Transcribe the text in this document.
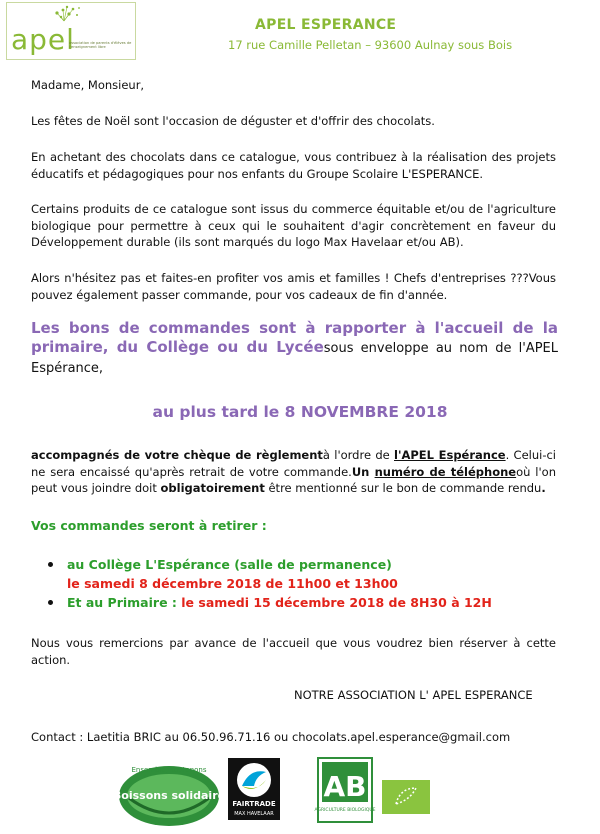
apel
association de parents d'élèves de l'enseignement libre
APEL ESPERANCE
17 rue Camille Pelletan – 93600 Aulnay sous Bois
Madame, Monsieur,
Les fêtes de Noël sont l'occasion de déguster et d'offrir des chocolats.
En achetant des chocolats dans ce catalogue, vous contribuez à la réalisation des projets éducatifs et pédagogiques pour nos enfants du Groupe Scolaire L'ESPERANCE.
Certains produits de ce catalogue sont issus du commerce équitable et/ou de l'agriculture biologique pour permettre à ceux qui le souhaitent d'agir concrètement en faveur du Développement durable (ils sont marqués du logo Max Havelaar et/ou AB).
Alors n'hésitez pas et faites-en profiter vos amis et familles ! Chefs d'entreprises ???Vous pouvez également passer commande, pour vos cadeaux de fin d'année.
Les bons de commandes sont à rapporter à l'accueil de la primaire, du Collège ou du Lycéesous enveloppe au nom de l'APEL Espérance,
au plus tard le 8 NOVEMBRE 2018
accompagnés de votre chèque de règlementà l'ordre de l'APEL Espérance. Celui-ci ne sera encaissé qu'après retrait de votre commande.Un numéro de téléphoneoù l'on peut vous joindre doit obligatoirement être mentionné sur le bon de commande rendu.
Vos commandes seront à retirer :
au Collège L'Espérance (salle de permanence)
le samedi 8 décembre 2018 de 11h00 et 13h00
Et au Primaire : le samedi 15 décembre 2018 de 8H30 à 12H
Nous vous remercions par avance de l'accueil que vous voudrez bien réserver à cette action.
NOTRE ASSOCIATION L' APEL ESPERANCE
Contact : Laetitia BRIC au 06.50.96.71.16 ou chocolats.apel.esperance@gmail.com
Ensemble, soutenons
Boissons solidaire
FAIRTRADE
MAX HAVELAAR
AB
AGRICULTURE BIOLOGIQUE
